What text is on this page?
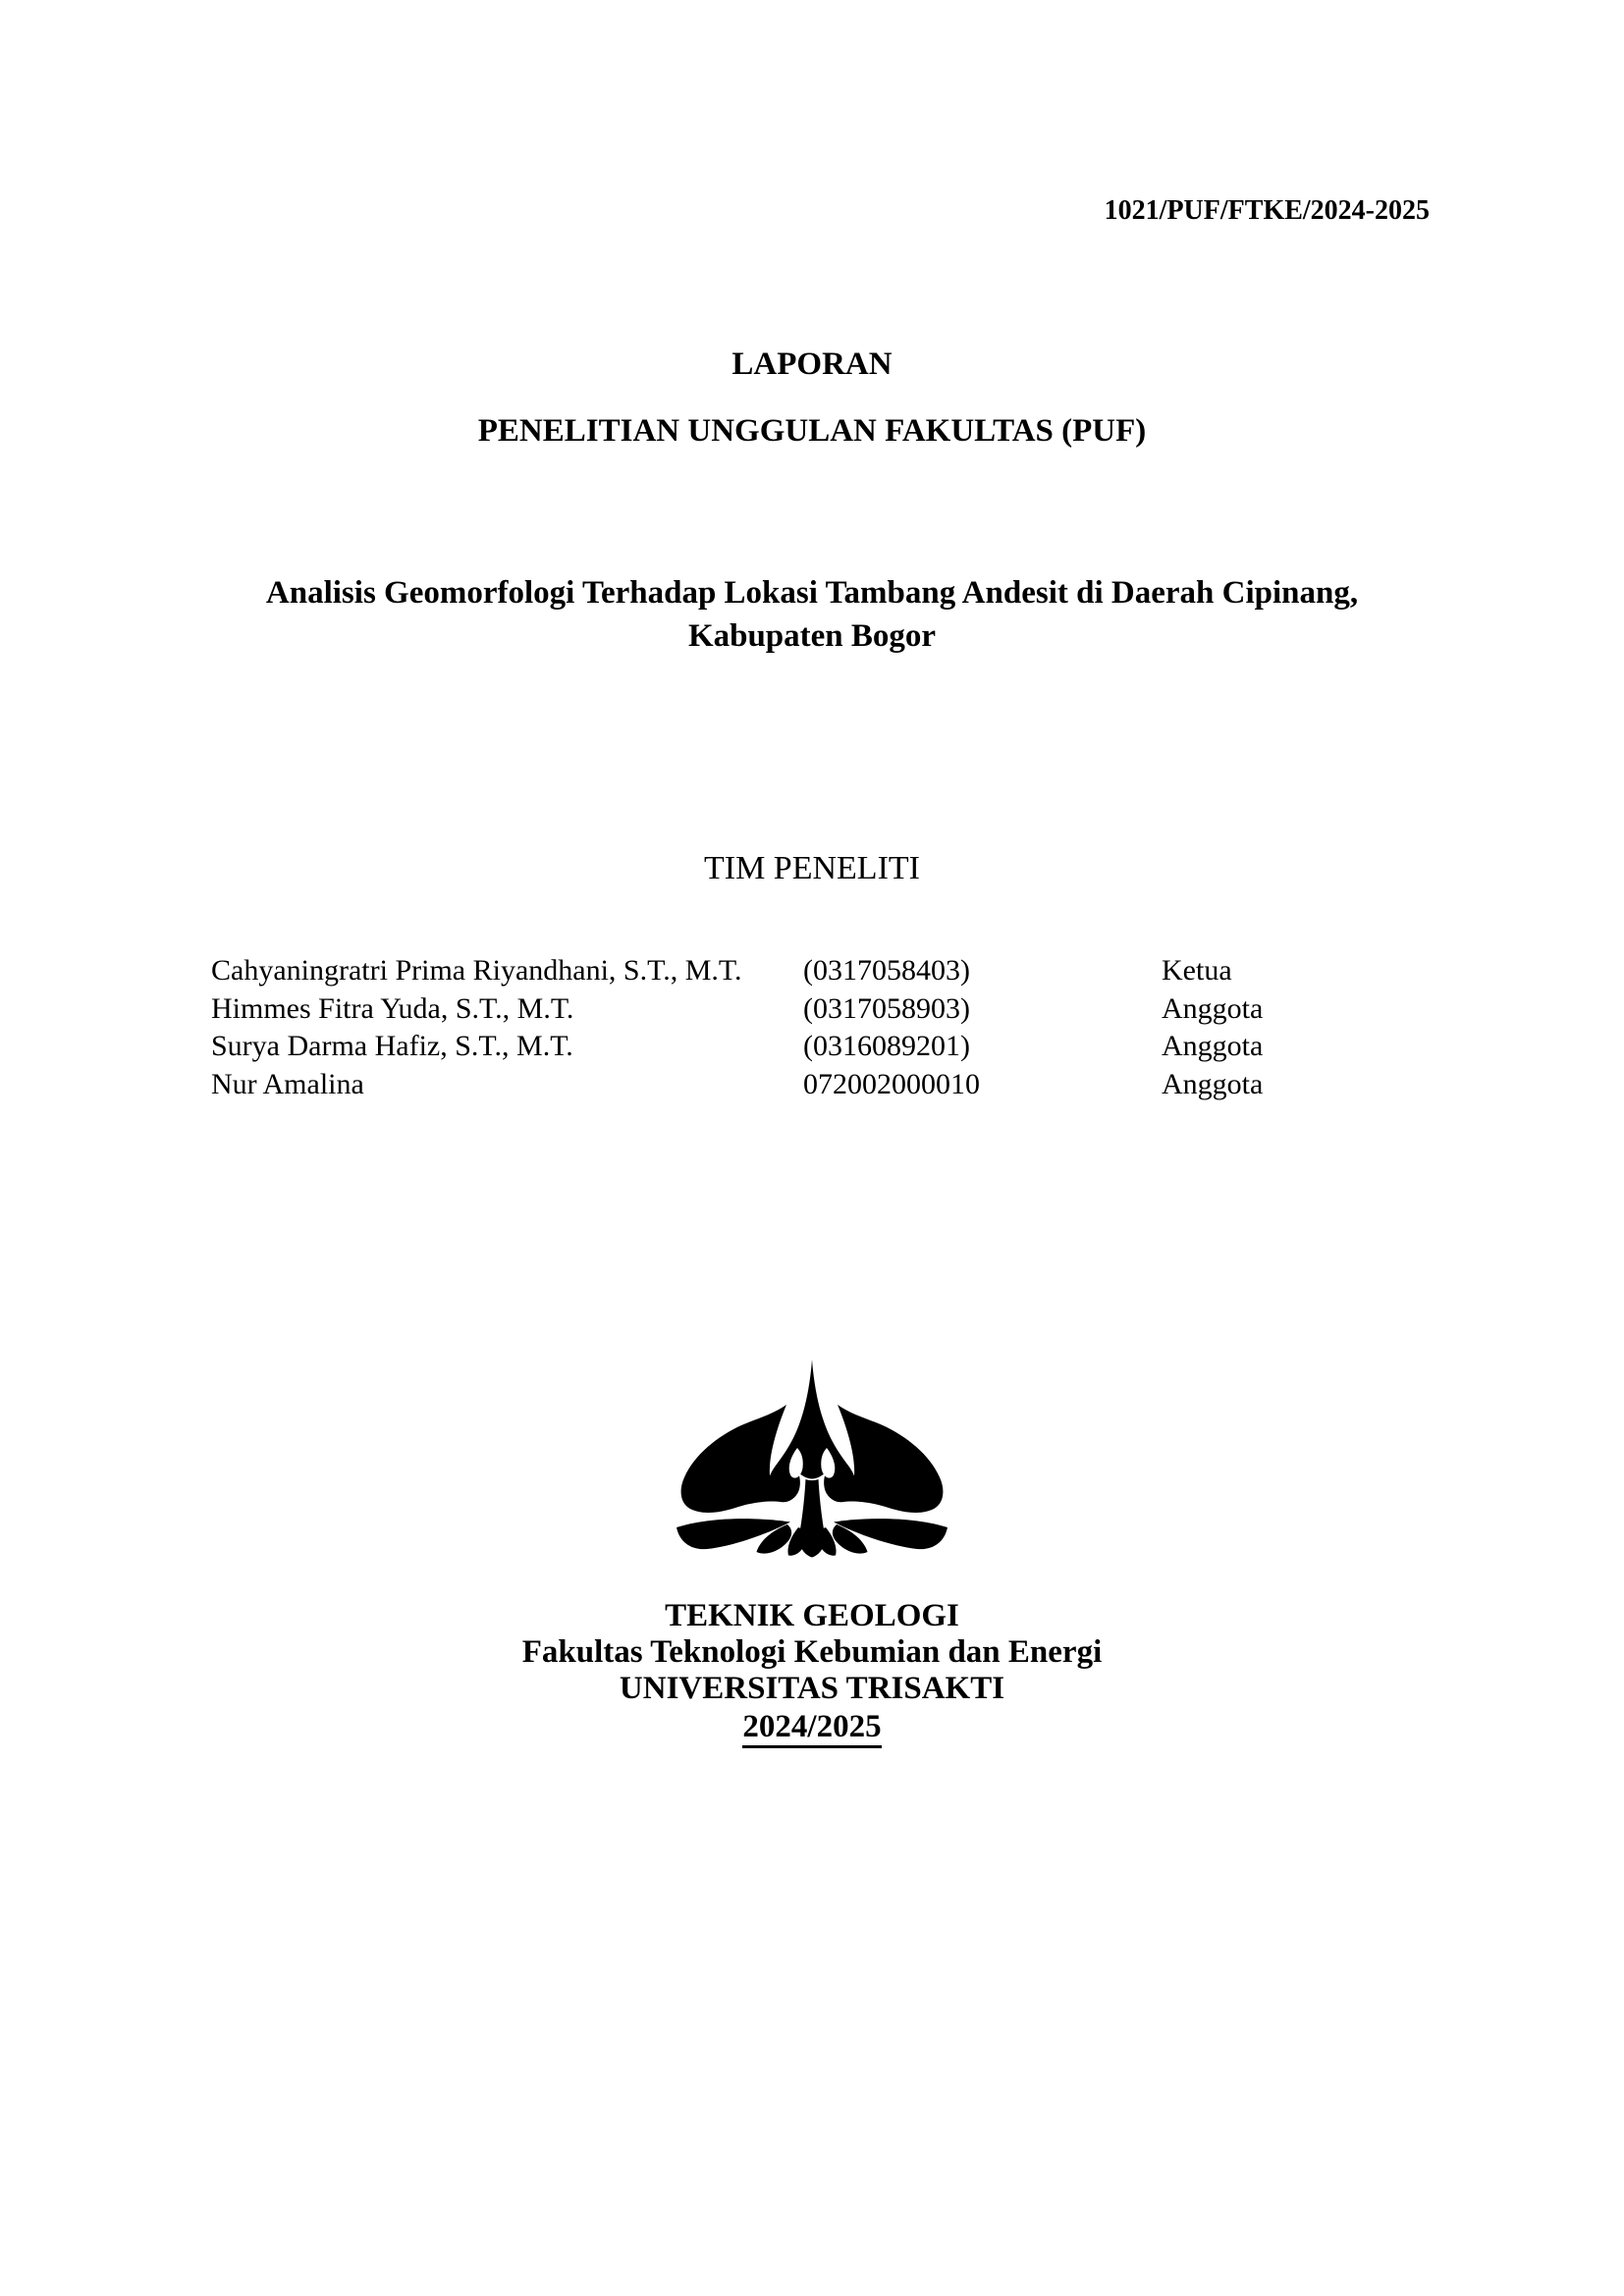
1021/PUF/FTKE/2024-2025
LAPORAN
PENELITIAN UNGGULAN FAKULTAS (PUF)
Analisis Geomorfologi Terhadap Lokasi Tambang Andesit di Daerah Cipinang,
Kabupaten Bogor
TIM PENELITI
Cahyaningratri Prima Riyandhani, S.T., M.T.	(0317058403)	Ketua
Himmes Fitra Yuda, S.T., M.T.	(0317058903)	Anggota
Surya Darma Hafiz, S.T., M.T.	(0316089201)	Anggota
Nur Amalina	072002000010	Anggota
TEKNIK GEOLOGI
Fakultas Teknologi Kebumian dan Energi
UNIVERSITAS TRISAKTI
2024/2025
